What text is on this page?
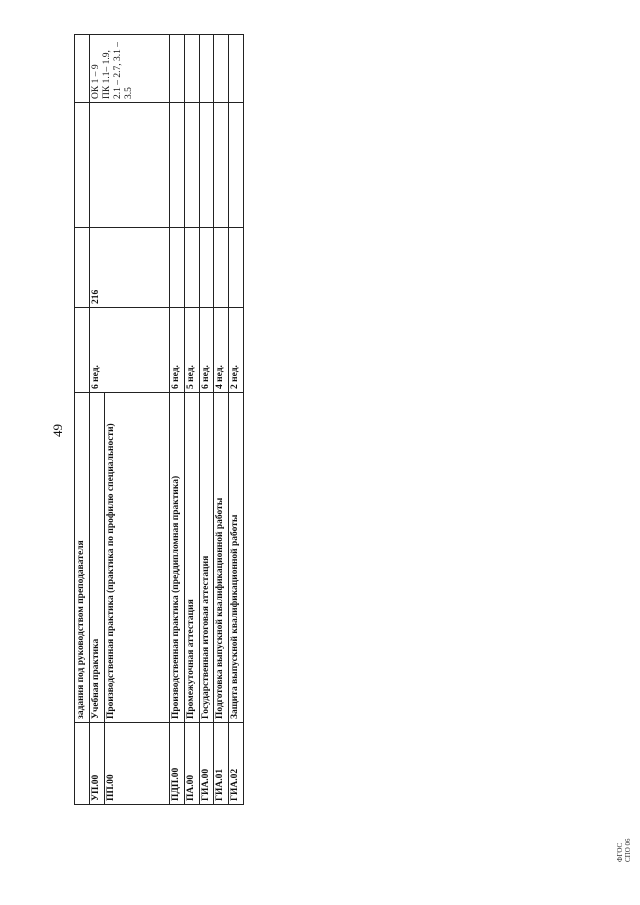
49
	задания под руководством преподавателя				
УП.00	Учебная практика	6 нед.	216		ОК 1 – 9
ПК 1.1– 1.9,
2.1 – 2.7, 3.1 –
3.5
ПП.00	Производственная практика (практика по профилю специальности)				
ПДП.00	Производственная практика (преддипломная практика)	6 нед.			
ПА.00	Промежуточная аттестация	5 нед.			
ГИА.00	Государственная итоговая аттестация	6 нед.			
ГИА.01	Подготовка выпускной квалификационной работы	4 нед.			
ГИА.02	Защита выпускной квалификационной работы	2 нед.			
ФГОС СПО 06
